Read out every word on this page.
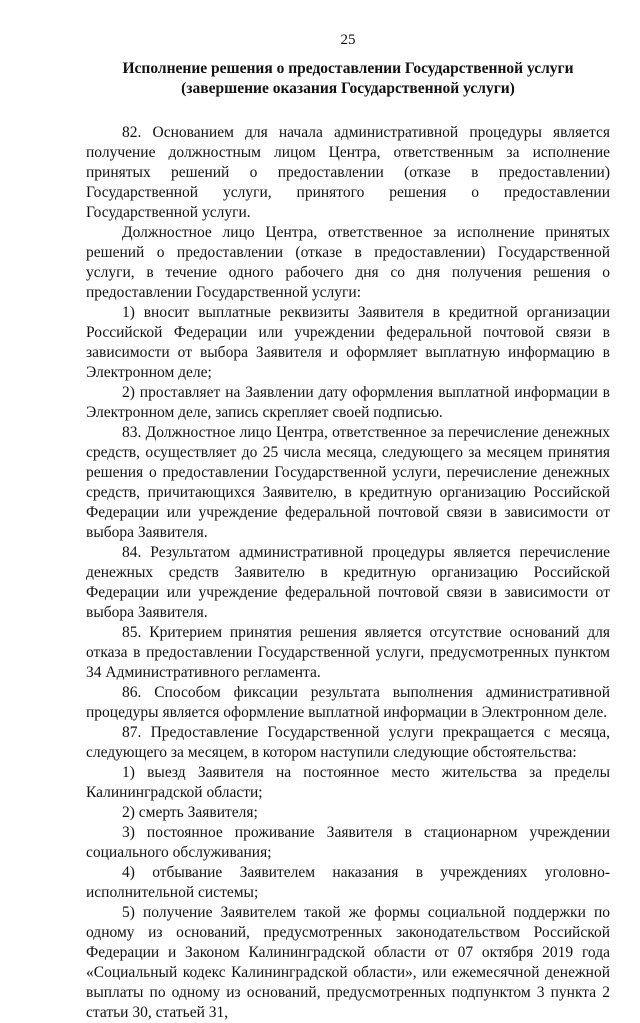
25
Исполнение решения о предоставлении Государственной услуги
(завершение оказания Государственной услуги)

82. Основанием для начала административной процедуры является получение должностным лицом Центра, ответственным за исполнение принятых решений о предоставлении (отказе в предоставлении) Государственной услуги, принятого решения о предоставлении Государственной услуги.

Должностное лицо Центра, ответственное за исполнение принятых решений о предоставлении (отказе в предоставлении) Государственной услуги, в течение одного рабочего дня со дня получения решения о предоставлении Государственной услуги:

1) вносит выплатные реквизиты Заявителя в кредитной организации Российской Федерации или учреждении федеральной почтовой связи в зависимости от выбора Заявителя и оформляет выплатную информацию в Электронном деле;

2) проставляет на Заявлении дату оформления выплатной информации в Электронном деле, запись скрепляет своей подписью.

83. Должностное лицо Центра, ответственное за перечисление денежных средств, осуществляет до 25 числа месяца, следующего за месяцем принятия решения о предоставлении Государственной услуги, перечисление денежных средств, причитающихся Заявителю, в кредитную организацию Российской Федерации или учреждение федеральной почтовой связи в зависимости от выбора Заявителя.

84. Результатом административной процедуры является перечисление денежных средств Заявителю в кредитную организацию Российской Федерации или учреждение федеральной почтовой связи в зависимости от выбора Заявителя.

85. Критерием принятия решения является отсутствие оснований для отказа в предоставлении Государственной услуги, предусмотренных пунктом 34 Административного регламента.

86. Способом фиксации результата выполнения административной процедуры является оформление выплатной информации в Электронном деле.

87. Предоставление Государственной услуги прекращается с месяца, следующего за месяцем, в котором наступили следующие обстоятельства:

1) выезд Заявителя на постоянное место жительства за пределы Калининградской области;

2) смерть Заявителя;

3) постоянное проживание Заявителя в стационарном учреждении социального обслуживания;

4) отбывание Заявителем наказания в учреждениях уголовно-исполнительной системы;

5) получение Заявителем такой же формы социальной поддержки по одному из оснований, предусмотренных законодательством Российской Федерации и Законом Калининградской области от 07 октября 2019 года «Социальный кодекс Калининградской области», или ежемесячной денежной выплаты по одному из оснований, предусмотренных подпунктом 3 пункта 2 статьи 30, статьей 31,
